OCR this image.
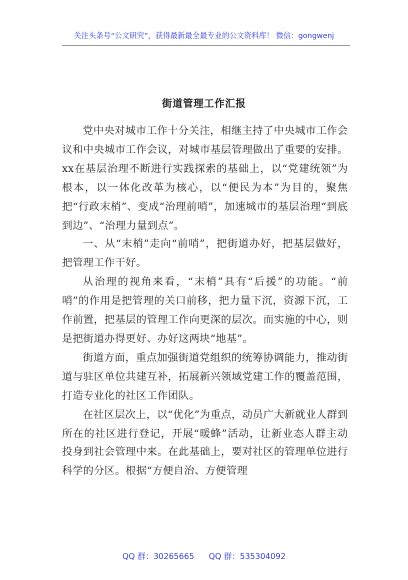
关注头条号“公文研究”，获得最新最全最专业的公文资料库！ 微信：gongwenj
街道管理工作汇报

党中央对城市工作十分关注，相继主持了中央城市工作会议和中央城市工作会议，对城市基层管理做出了重要的安排。xx在基层治理不断进行实践探索的基础上，以“党建统领”为根本，以一体化改革为核心，以“便民为本”为目的，聚焦把“行政末梢”、变成“治理前哨”，加速城市的基层治理“到底到边”、“治理力量到点”。

一、从“末梢”走向“前哨”，把街道办好，把基层做好，把管理工作干好。

从治理的视角来看，“末梢”具有“后援”的功能。“前哨”的作用是把管理的关口前移，把力量下沉，资源下沉，工作前置，把基层的管理工作向更深的层次。而实施的中心，则是把街道办得更好、办好这两块“地基”。

街道方面，重点加强街道党组织的统筹协调能力，推动街道与驻区单位共建互补，拓展新兴领域党建工作的覆盖范围，打造专业化的社区工作团队。

在社区层次上，以“优化”为重点，动员广大新就业人群到所在的社区进行登记，开展“暖蜂”活动，让新业态人群主动投身到社会管理中来。在此基础上，要对社区的管理单位进行科学的分区。根据“方便自治、方便管理

QQ 群：30265665 QQ 群：535304092
